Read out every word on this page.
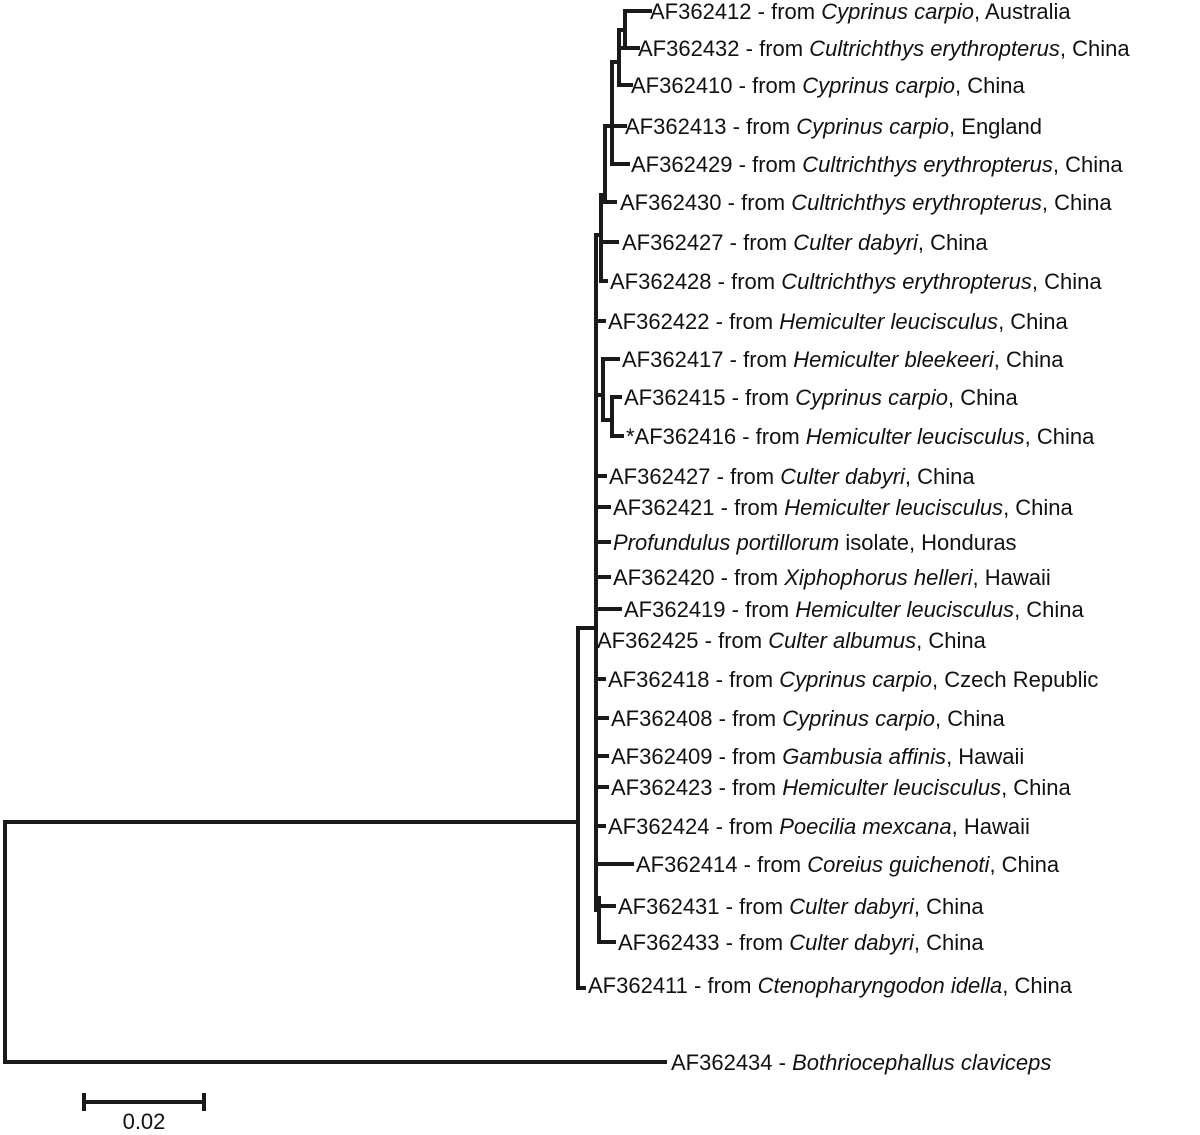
AF362412 - from Cyprinus carpio, Australia
AF362432 - from Cultrichthys erythropterus, China
AF362410 - from Cyprinus carpio, China
AF362413 - from Cyprinus carpio, England
AF362429 - from Cultrichthys erythropterus, China
AF362430 - from Cultrichthys erythropterus, China
AF362427 - from Culter dabyri, China
AF362428 - from Cultrichthys erythropterus, China
AF362422 - from Hemiculter leucisculus, China
AF362417 - from Hemiculter bleekeeri, China
AF362415 - from Cyprinus carpio, China
*AF362416 - from Hemiculter leucisculus, China
AF362427 - from Culter dabyri, China
AF362421 - from Hemiculter leucisculus, China
Profundulus portillorum isolate, Honduras
AF362420 - from Xiphophorus helleri, Hawaii
AF362419 - from Hemiculter leucisculus, China
AF362425 - from Culter albumus, China
AF362418 - from Cyprinus carpio, Czech Republic
AF362408 - from Cyprinus carpio, China
AF362409 - from Gambusia affinis, Hawaii
AF362423 - from Hemiculter leucisculus, China
AF362424 - from Poecilia mexcana, Hawaii
AF362414 - from Coreius guichenoti, China
AF362431 - from Culter dabyri, China
AF362433 - from Culter dabyri, China
AF362411 - from Ctenopharyngodon idella, China
AF362434 - Bothriocephallus claviceps
0.02
